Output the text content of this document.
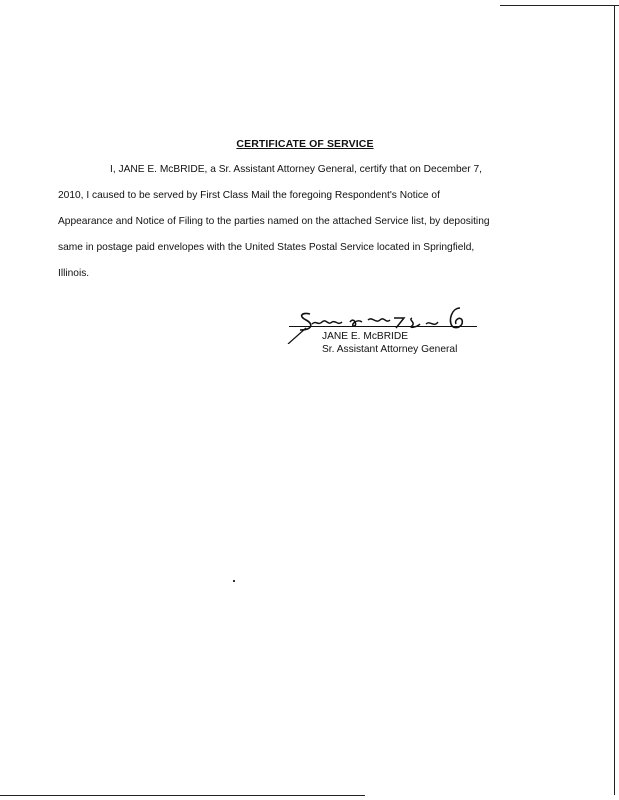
CERTIFICATE OF SERVICE
I, JANE E. McBRIDE, a Sr. Assistant Attorney General, certify that on December 7,
2010, I caused to be served by First Class Mail the foregoing Respondent's Notice of
Appearance and Notice of Filing to the parties named on the attached Service list, by depositing
same in postage paid envelopes with the United States Postal Service located in Springfield,
Illinois.
JANE E. McBRIDE
Sr. Assistant Attorney General
